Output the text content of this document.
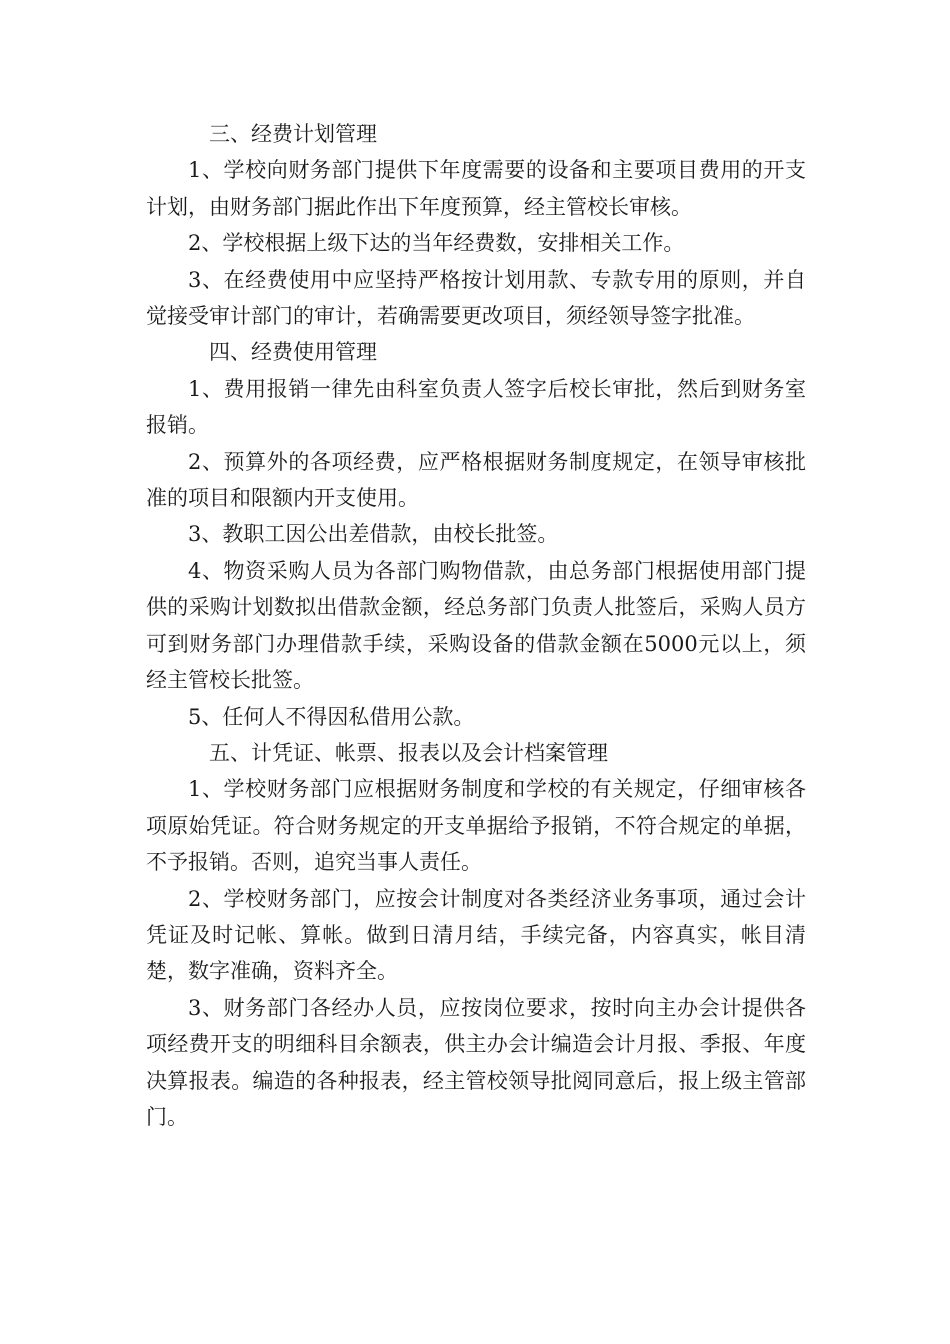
三、经费计划管理

1、学校向财务部门提供下年度需要的设备和主要项目费用的开支计划，由财务部门据此作出下年度预算，经主管校长审核。

2、学校根据上级下达的当年经费数，安排相关工作。

3、在经费使用中应坚持严格按计划用款、专款专用的原则，并自觉接受审计部门的审计，若确需要更改项目，须经领导签字批准。

四、经费使用管理

1、费用报销一律先由科室负责人签字后校长审批，然后到财务室报销。

2、预算外的各项经费，应严格根据财务制度规定，在领导审核批准的项目和限额内开支使用。

3、教职工因公出差借款，由校长批签。

4、物资采购人员为各部门购物借款，由总务部门根据使用部门提供的采购计划数拟出借款金额，经总务部门负责人批签后，采购人员方可到财务部门办理借款手续，采购设备的借款金额在5000元以上，须经主管校长批签。

5、任何人不得因私借用公款。

五、计凭证、帐票、报表以及会计档案管理

1、学校财务部门应根据财务制度和学校的有关规定，仔细审核各项原始凭证。符合财务规定的开支单据给予报销，不符合规定的单据，不予报销。否则，追究当事人责任。

2、学校财务部门，应按会计制度对各类经济业务事项，通过会计凭证及时记帐、算帐。做到日清月结，手续完备，内容真实，帐目清楚，数字准确，资料齐全。

3、财务部门各经办人员，应按岗位要求，按时向主办会计提供各项经费开支的明细科目余额表，供主办会计编造会计月报、季报、年度决算报表。编造的各种报表，经主管校领导批阅同意后，报上级主管部门。
